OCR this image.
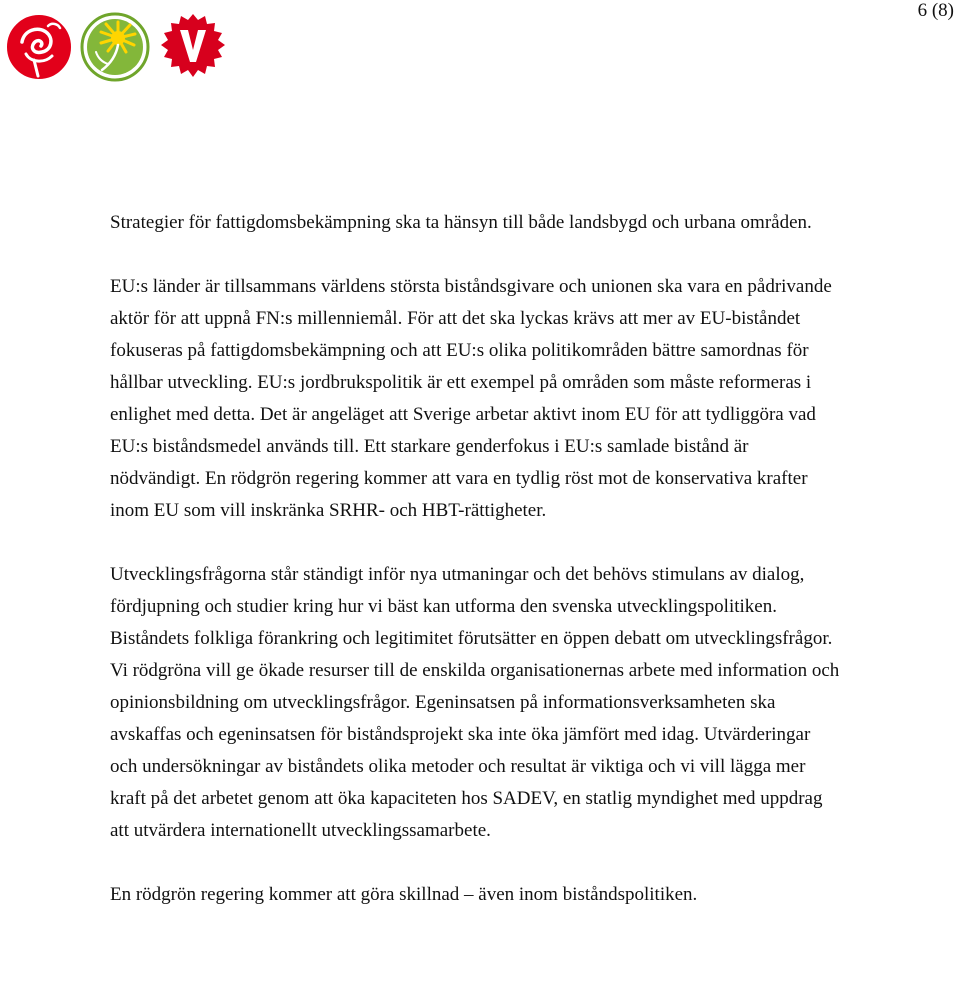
6 (8)

Strategier för fattigdomsbekämpning ska ta hänsyn till både landsbygd och urbana områden.

EU:s länder är tillsammans världens största biståndsgivare och unionen ska vara en pådrivande aktör för att uppnå FN:s millenniemål. För att det ska lyckas krävs att mer av EU-biståndet fokuseras på fattigdomsbekämpning och att EU:s olika politikområden bättre samordnas för hållbar utveckling. EU:s jordbrukspolitik är ett exempel på områden som måste reformeras i enlighet med detta. Det är angeläget att Sverige arbetar aktivt inom EU för att tydliggöra vad EU:s biståndsmedel används till. Ett starkare genderfokus i EU:s samlade bistånd är nödvändigt. En rödgrön regering kommer att vara en tydlig röst mot de konservativa krafter inom EU som vill inskränka SRHR- och HBT-rättigheter.

Utvecklingsfrågorna står ständigt inför nya utmaningar och det behövs stimulans av dialog, fördjupning och studier kring hur vi bäst kan utforma den svenska utvecklingspolitiken. Biståndets folkliga förankring och legitimitet förutsätter en öppen debatt om utvecklingsfrågor. Vi rödgröna vill ge ökade resurser till de enskilda organisationernas arbete med information och opinionsbildning om utvecklingsfrågor. Egeninsatsen på informationsverksamheten ska avskaffas och egeninsatsen för biståndsprojekt ska inte öka jämfört med idag. Utvärderingar och undersökningar av biståndets olika metoder och resultat är viktiga och vi vill lägga mer kraft på det arbetet genom att öka kapaciteten hos SADEV, en statlig myndighet med uppdrag att utvärdera internationellt utvecklingssamarbete.

En rödgrön regering kommer att göra skillnad – även inom biståndspolitiken.
